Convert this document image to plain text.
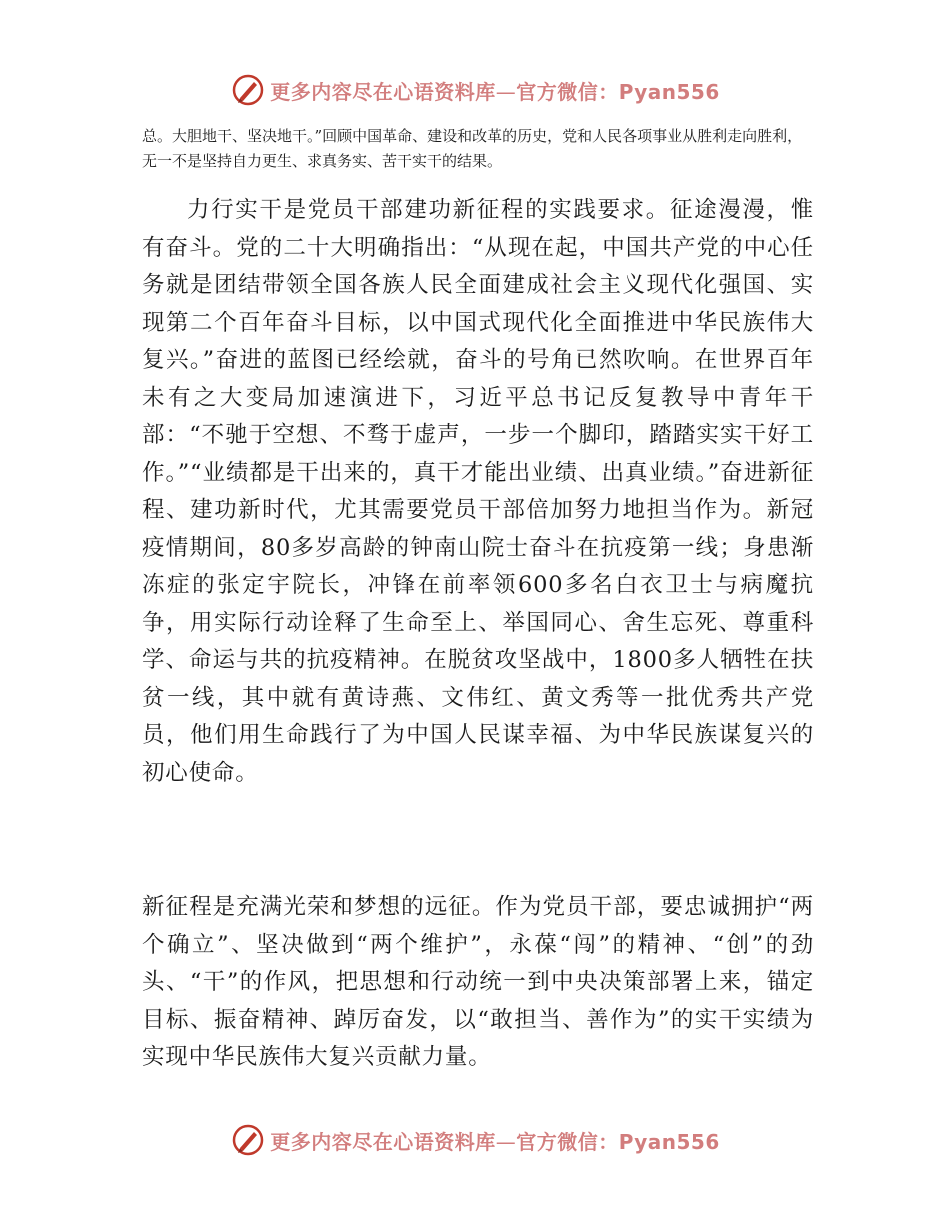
更多内容尽在心语资料库—官方微信：Pyan556

总。大胆地干、坚决地干。”回顾中国革命、建设和改革的历史，党和人民各项事业从胜利走向胜利，无一不是坚持自力更生、求真务实、苦干实干的结果。

力行实干是党员干部建功新征程的实践要求。征途漫漫，惟有奋斗。党的二十大明确指出：“从现在起，中国共产党的中心任务就是团结带领全国各族人民全面建成社会主义现代化强国、实现第二个百年奋斗目标，以中国式现代化全面推进中华民族伟大复兴。”奋进的蓝图已经绘就，奋斗的号角已然吹响。在世界百年未有之大变局加速演进下，习近平总书记反复教导中青年干部：“不驰于空想、不骛于虚声，一步一个脚印，踏踏实实干好工作。”“业绩都是干出来的，真干才能出业绩、出真业绩。”奋进新征程、建功新时代，尤其需要党员干部倍加努力地担当作为。新冠疫情期间，80多岁高龄的钟南山院士奋斗在抗疫第一线；身患渐冻症的张定宇院长，冲锋在前率领600多名白衣卫士与病魔抗争，用实际行动诠释了生命至上、举国同心、舍生忘死、尊重科学、命运与共的抗疫精神。在脱贫攻坚战中，1800多人牺牲在扶贫一线，其中就有黄诗燕、文伟红、黄文秀等一批优秀共产党员，他们用生命践行了为中国人民谋幸福、为中华民族谋复兴的初心使命。

新征程是充满光荣和梦想的远征。作为党员干部，要忠诚拥护“两个确立”、坚决做到“两个维护”，永葆“闯”的精神、“创”的劲头、“干”的作风，把思想和行动统一到中央决策部署上来，锚定目标、振奋精神、踔厉奋发，以“敢担当、善作为”的实干实绩为实现中华民族伟大复兴贡献力量。

更多内容尽在心语资料库—官方微信：Pyan556
